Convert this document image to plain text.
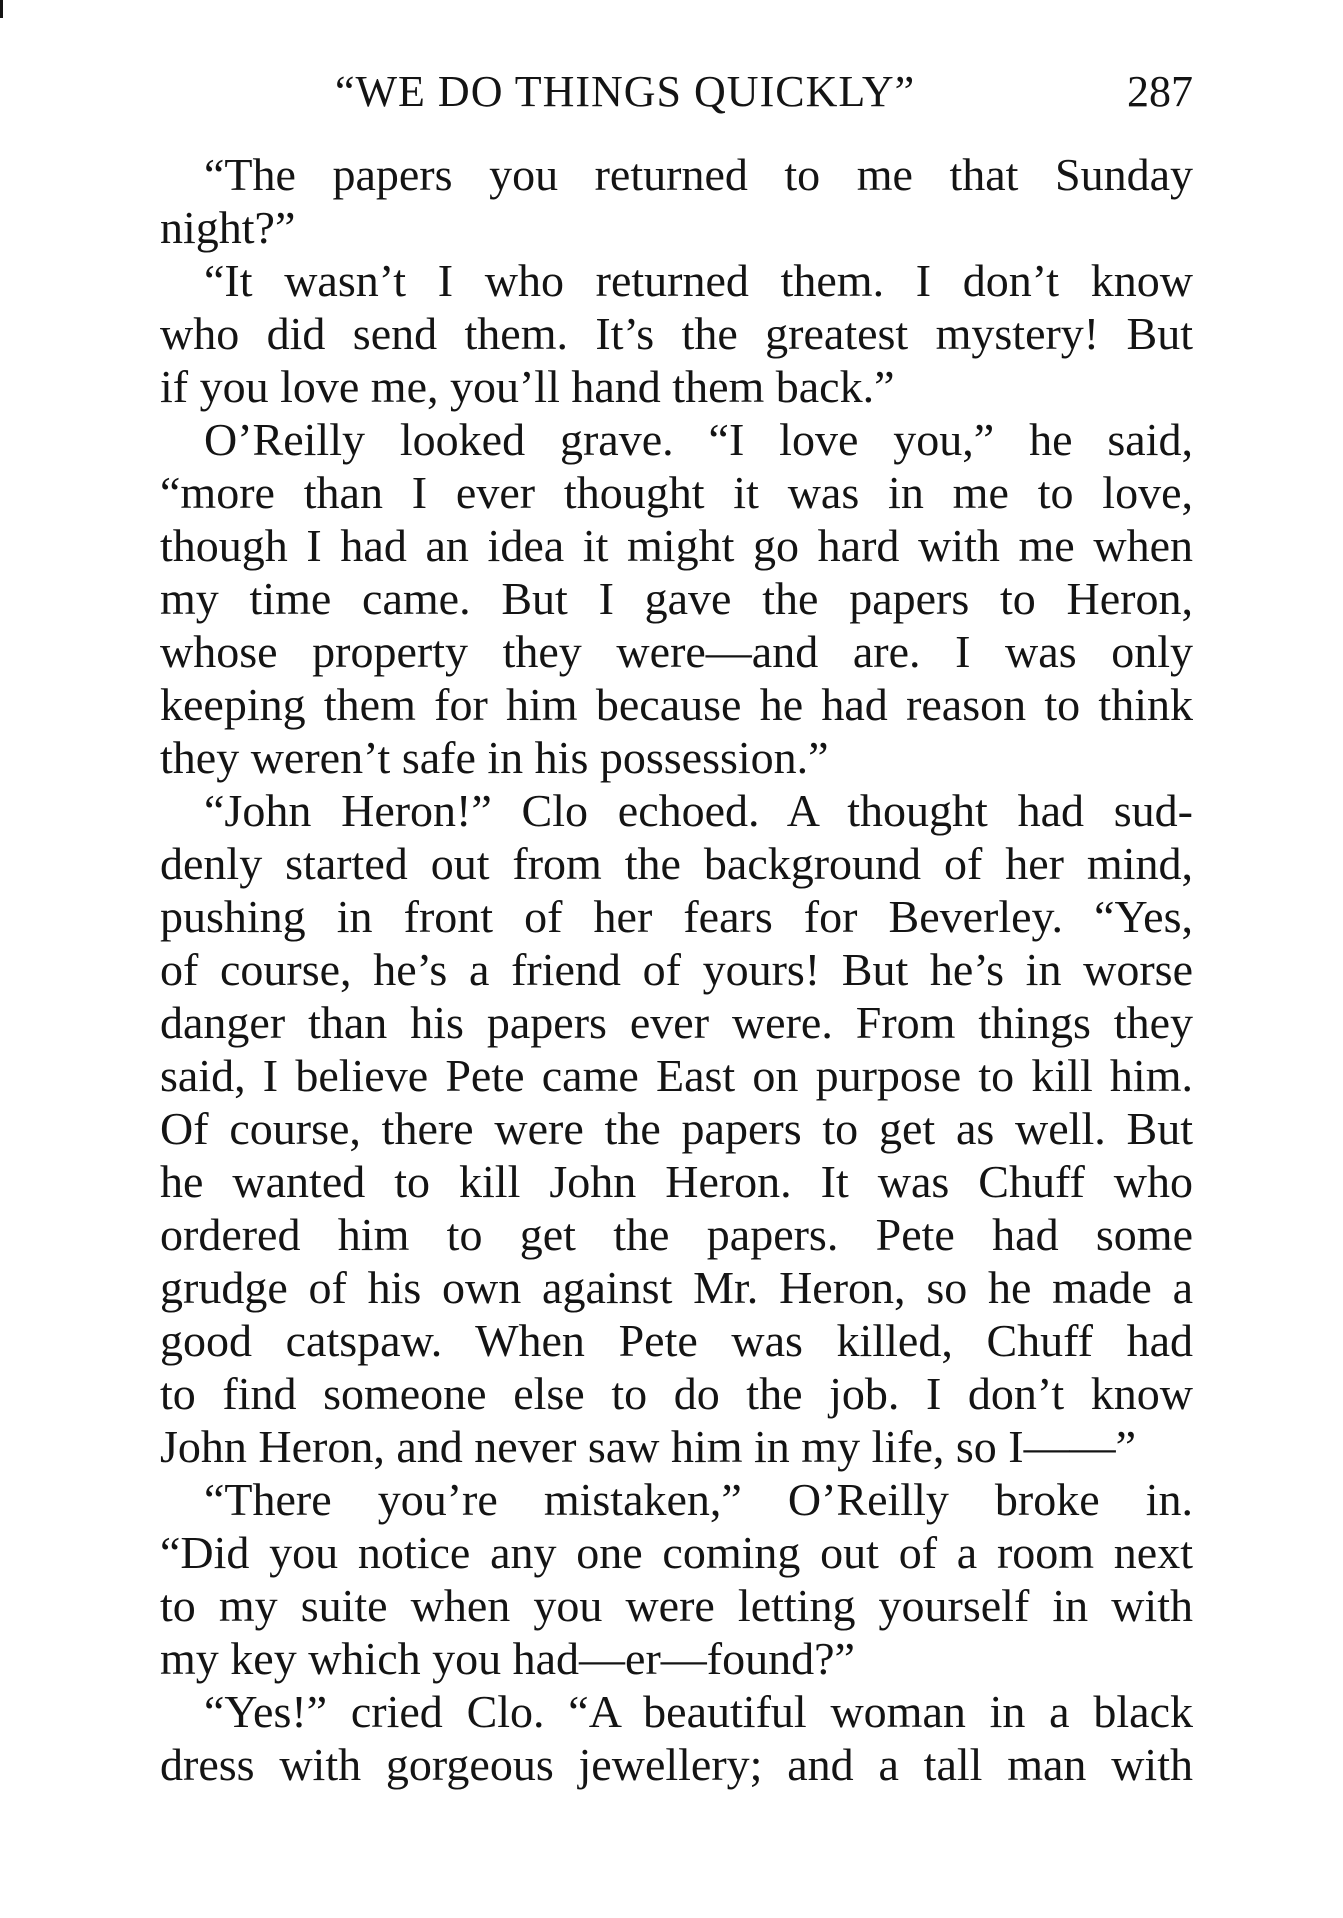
“WE DO THINGS QUICKLY”	287
“The papers you returned to me that Sunday
night?”
“It wasn’t I who returned them. I don’t know
who did send them. It’s the greatest mystery! But
if you love me, you’ll hand them back.”
O’Reilly looked grave. “I love you,” he said,
“more than I ever thought it was in me to love,
though I had an idea it might go hard with me when
my time came. But I gave the papers to Heron,
whose property they were—and are. I was only
keeping them for him because he had reason to think
they weren’t safe in his possession.”
“John Heron!” Clo echoed. A thought had sud-
denly started out from the background of her mind,
pushing in front of her fears for Beverley. “Yes,
of course, he’s a friend of yours! But he’s in worse
danger than his papers ever were. From things they
said, I believe Pete came East on purpose to kill him.
Of course, there were the papers to get as well. But
he wanted to kill John Heron. It was Chuff who
ordered him to get the papers. Pete had some
grudge of his own against Mr. Heron, so he made a
good catspaw. When Pete was killed, Chuff had
to find someone else to do the job. I don’t know
John Heron, and never saw him in my life, so I——”
“There you’re mistaken,” O’Reilly broke in.
“Did you notice any one coming out of a room next
to my suite when you were letting yourself in with
my key which you had—er—found?”
“Yes!” cried Clo. “A beautiful woman in a black
dress with gorgeous jewellery; and a tall man with
